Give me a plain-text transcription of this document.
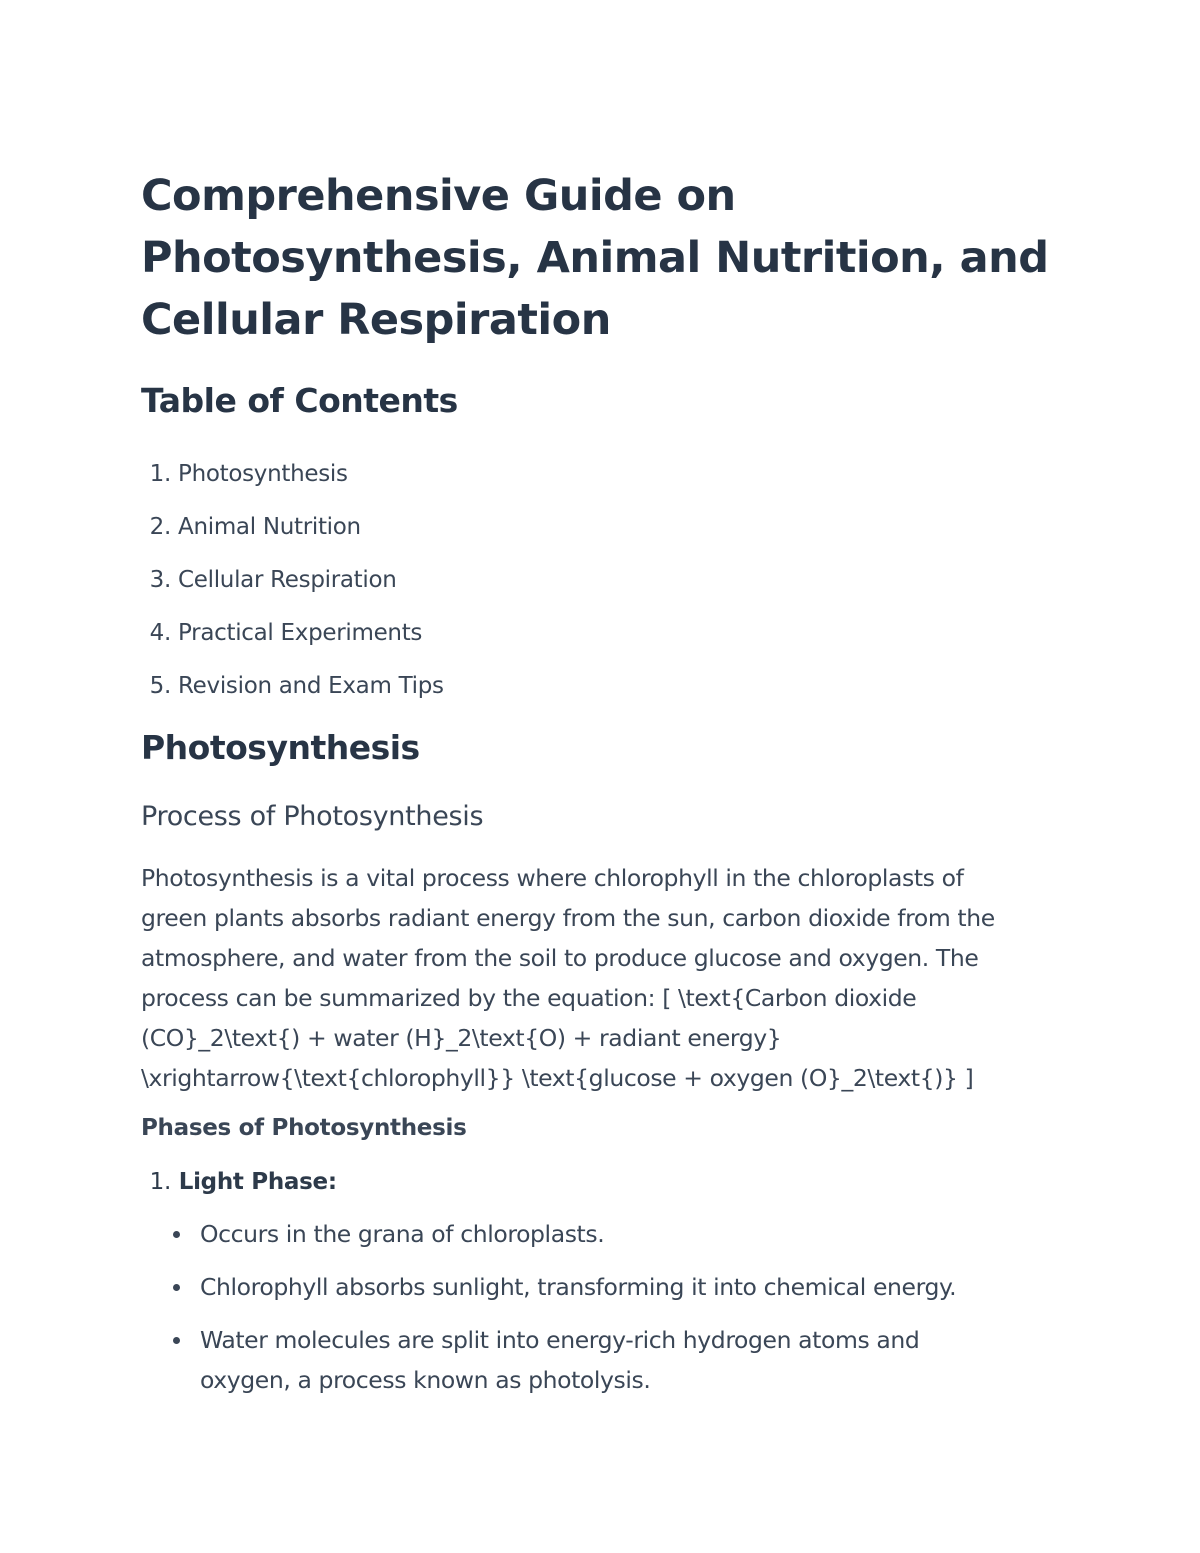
Comprehensive Guide on
Photosynthesis, Animal Nutrition, and
Cellular Respiration
Table of Contents
1. Photosynthesis
2. Animal Nutrition
3. Cellular Respiration
4. Practical Experiments
5. Revision and Exam Tips
Photosynthesis
Process of Photosynthesis

Photosynthesis is a vital process where chlorophyll in the chloroplasts of
green plants absorbs radiant energy from the sun, carbon dioxide from the
atmosphere, and water from the soil to produce glucose and oxygen. The
process can be summarized by the equation: [ \text{Carbon dioxide
(CO}_2\text{) + water (H}_2\text{O) + radiant energy}
\xrightarrow{\text{chlorophyll}} \text{glucose + oxygen (O}_2\text{)} ]

Phases of Photosynthesis
1. Light Phase:
Occurs in the grana of chloroplasts.
Chlorophyll absorbs sunlight, transforming it into chemical energy.
Water molecules are split into energy-rich hydrogen atoms and
oxygen, a process known as photolysis.
